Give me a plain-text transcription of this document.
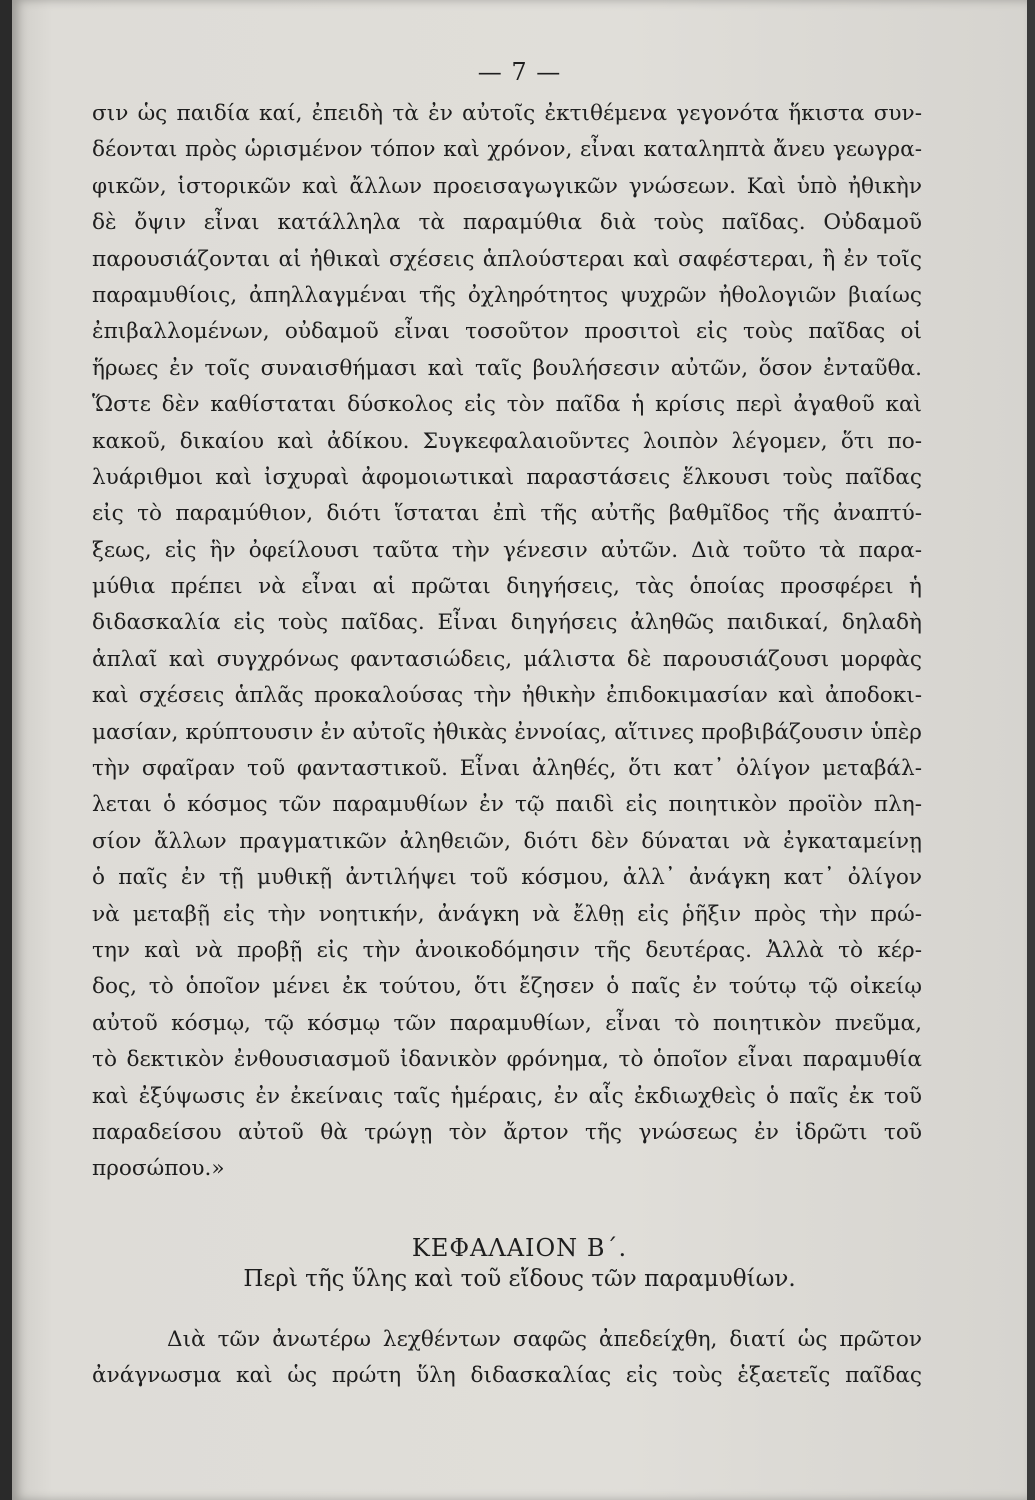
— 7 —
σιν ὡς παιδία καί, ἐπειδὴ τὰ ἐν αὐτοῖς ἐκτιθέμενα γεγονότα ἥκιστα συν-
δέονται πρὸς ὡρισμένον τόπον καὶ χρόνον, εἶναι καταληπτὰ ἄνευ γεωγρα-
φικῶν, ἱστορικῶν καὶ ἄλλων προεισαγωγικῶν γνώσεων. Καὶ ὑπὸ ἠθικὴν
δὲ ὄψιν εἶναι κατάλληλα τὰ παραμύθια διὰ τοὺς παῖδας. Οὐδαμοῦ
παρουσιάζονται αἱ ἠθικαὶ σχέσεις ἁπλούστεραι καὶ σαφέστεραι, ἢ ἐν τοῖς
παραμυθίοις, ἀπηλλαγμέναι τῆς ὀχληρότητος ψυχρῶν ἠθολογιῶν βιαίως
ἐπιβαλλομένων, οὐδαμοῦ εἶναι τοσοῦτον προσιτοὶ εἰς τοὺς παῖδας οἱ
ἥρωες ἐν τοῖς συναισθήμασι καὶ ταῖς βουλήσεσιν αὐτῶν, ὅσον ἐνταῦθα.
Ὥστε δὲν καθίσταται δύσκολος εἰς τὸν παῖδα ἡ κρίσις περὶ ἀγαθοῦ καὶ
κακοῦ, δικαίου καὶ ἀδίκου. Συγκεφαλαιοῦντες λοιπὸν λέγομεν, ὅτι πο-
λυάριθμοι καὶ ἰσχυραὶ ἀφομοιωτικαὶ παραστάσεις ἕλκουσι τοὺς παῖδας
εἰς τὸ παραμύθιον, διότι ἵσταται ἐπὶ τῆς αὐτῆς βαθμῖδος τῆς ἀναπτύ-
ξεως, εἰς ἣν ὀφείλουσι ταῦτα τὴν γένεσιν αὐτῶν. Διὰ τοῦτο τὰ παρα-
μύθια πρέπει νὰ εἶναι αἱ πρῶται διηγήσεις, τὰς ὁποίας προσφέρει ἡ
διδασκαλία εἰς τοὺς παῖδας. Εἶναι διηγήσεις ἀληθῶς παιδικαί, δηλαδὴ
ἁπλαῖ καὶ συγχρόνως φαντασιώδεις, μάλιστα δὲ παρουσιάζουσι μορφὰς
καὶ σχέσεις ἁπλᾶς προκαλούσας τὴν ἠθικὴν ἐπιδοκιμασίαν καὶ ἀποδοκι-
μασίαν, κρύπτουσιν ἐν αὐτοῖς ἠθικὰς ἐννοίας, αἵτινες προβιβάζουσιν ὑπὲρ
τὴν σφαῖραν τοῦ φανταστικοῦ. Εἶναι ἀληθές, ὅτι κατ᾿ ὀλίγον μεταβάλ-
λεται ὁ κόσμος τῶν παραμυθίων ἐν τῷ παιδὶ εἰς ποιητικὸν προϊὸν πλη-
σίον ἄλλων πραγματικῶν ἀληθειῶν, διότι δὲν δύναται νὰ ἐγκαταμείνῃ
ὁ παῖς ἐν τῇ μυθικῇ ἀντιλήψει τοῦ κόσμου, ἀλλ᾿ ἀνάγκη κατ᾿ ὀλίγον
νὰ μεταβῇ εἰς τὴν νοητικήν, ἀνάγκη νὰ ἔλθῃ εἰς ῥῆξιν πρὸς τὴν πρώ-
την καὶ νὰ προβῇ εἰς τὴν ἀνοικοδόμησιν τῆς δευτέρας. Ἀλλὰ τὸ κέρ-
δος, τὸ ὁποῖον μένει ἐκ τούτου, ὅτι ἔζησεν ὁ παῖς ἐν τούτῳ τῷ οἰκείῳ
αὐτοῦ κόσμῳ, τῷ κόσμῳ τῶν παραμυθίων, εἶναι τὸ ποιητικὸν πνεῦμα,
τὸ δεκτικὸν ἐνθουσιασμοῦ ἰδανικὸν φρόνημα, τὸ ὁποῖον εἶναι παραμυθία
καὶ ἐξύψωσις ἐν ἐκείναις ταῖς ἡμέραις, ἐν αἷς ἐκδιωχθεὶς ὁ παῖς ἐκ τοῦ
παραδείσου αὐτοῦ θὰ τρώγῃ τὸν ἄρτον τῆς γνώσεως ἐν ἱδρῶτι τοῦ
προσώπου.»
ΚΕΦΑΛΑΙΟΝ Β΄.
Περὶ τῆς ὕλης καὶ τοῦ εἴδους τῶν παραμυθίων.
Διὰ τῶν ἀνωτέρω λεχθέντων σαφῶς ἀπεδείχθη, διατί ὡς πρῶτον
ἀνάγνωσμα καὶ ὡς πρώτη ὕλη διδασκαλίας εἰς τοὺς ἑξαετεῖς παῖδας
